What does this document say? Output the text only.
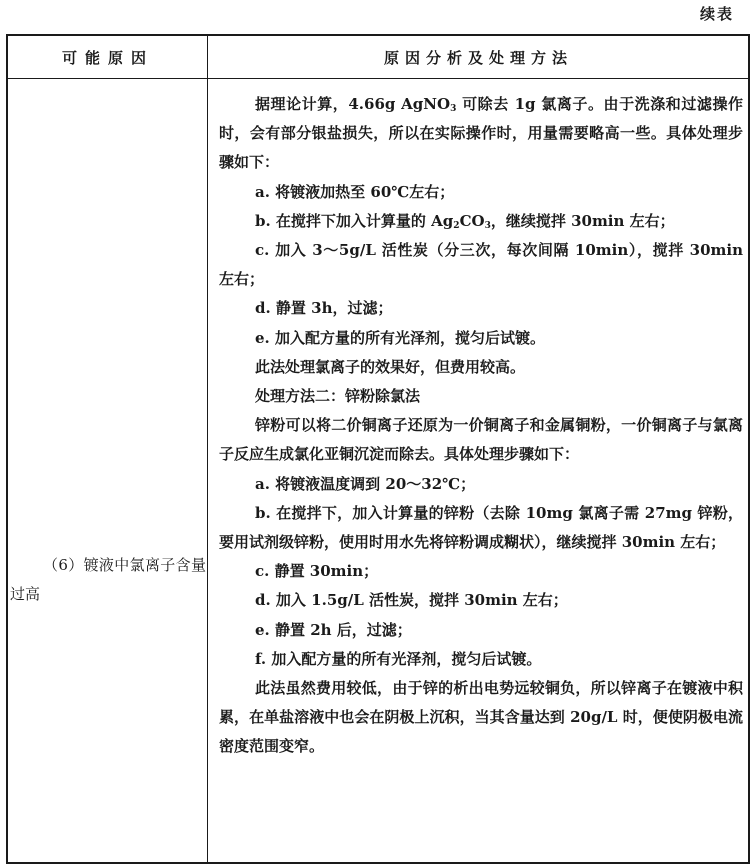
续表
可能原因	原因分析及处理方法
（6）镀液中氯离子含量过高

据理论计算，4.66g AgNO$_3$ 可除去 1g 氯离子。由于洗涤和过滤操作时，会有部分银盐损失，所以在实际操作时，用量需要略高一些。具体处理步骤如下：

a. 将镀液加热至 60℃左右；

b. 在搅拌下加入计算量的 $Ag_2CO_3$，继续搅拌 30min 左右；

c. 加入 3～5g/L 活性炭（分三次，每次间隔 10min），搅拌 30min 左右；

d. 静置 3h，过滤；

e. 加入配方量的所有光泽剂，搅匀后试镀。

此法处理氯离子的效果好，但费用较高。

处理方法二：锌粉除氯法

锌粉可以将二价铜离子还原为一价铜离子和金属铜粉，一价铜离子与氯离子反应生成氯化亚铜沉淀而除去。具体处理步骤如下：

a. 将镀液温度调到 20～32℃；

b. 在搅拌下，加入计算量的锌粉（去除 10mg 氯离子需 27mg 锌粉，要用试剂级锌粉，使用时用水先将锌粉调成糊状），继续搅拌 30min 左右；

c. 静置 30min；

d. 加入 1.5g/L 活性炭，搅拌 30min 左右；

e. 静置 2h 后，过滤；

f. 加入配方量的所有光泽剂，搅匀后试镀。

此法虽然费用较低，由于锌的析出电势远较铜负，所以锌离子在镀液中积累，在单盐溶液中也会在阴极上沉积，当其含量达到 20g/L 时，便使阴极电流密度范围变窄。
